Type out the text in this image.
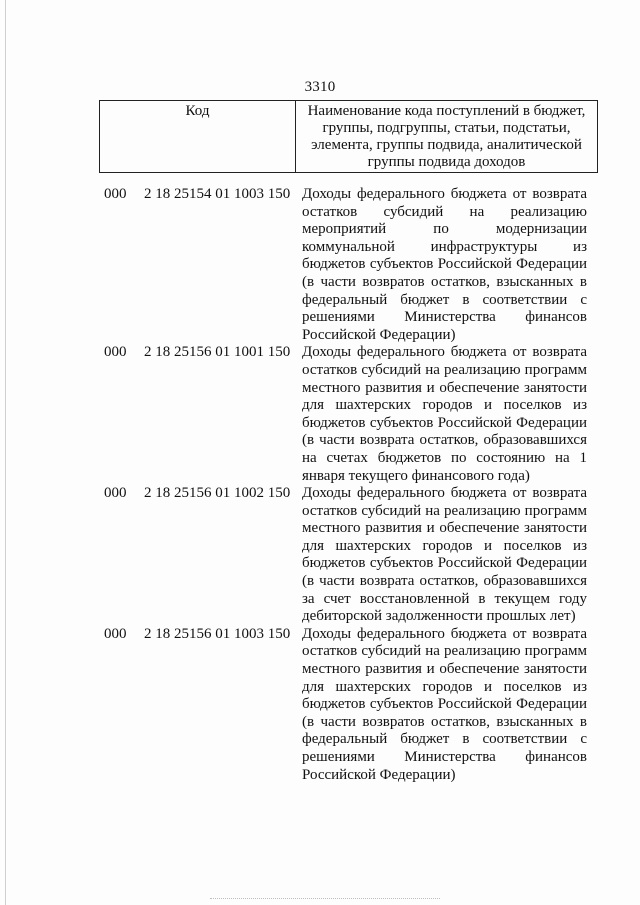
3310
Код	Наименование кода поступлений в бюджет, группы, подгруппы, статьи, подстатьи, элемента, группы подвида, аналитической группы подвида доходов
000	2 18 25154 01 1003 150 Доходы федерального бюджета от возврата остатков субсидий на реализацию мероприятий по модернизации коммунальной инфраструктуры из бюджетов субъектов Российской Федерации (в части возвратов остатков, взысканных в федеральный бюджет в соответствии с решениями Министерства финансов Российской Федерации)
000	2 18 25156 01 1001 150 Доходы федерального бюджета от возврата остатков субсидий на реализацию программ местного развития и обеспечение занятости для шахтерских городов и поселков из бюджетов субъектов Российской Федерации (в части возврата остатков, образовавшихся на счетах бюджетов по состоянию на 1 января текущего финансового года)
000	2 18 25156 01 1002 150 Доходы федерального бюджета от возврата остатков субсидий на реализацию программ местного развития и обеспечение занятости для шахтерских городов и поселков из бюджетов субъектов Российской Федерации (в части возврата остатков, образовавшихся за счет восстановленной в текущем году дебиторской задолженности прошлых лет)
000	2 18 25156 01 1003 150 Доходы федерального бюджета от возврата остатков субсидий на реализацию программ местного развития и обеспечение занятости для шахтерских городов и поселков из бюджетов субъектов Российской Федерации (в части возвратов остатков, взысканных в федеральный бюджет в соответствии с решениями Министерства финансов Российской Федерации)
